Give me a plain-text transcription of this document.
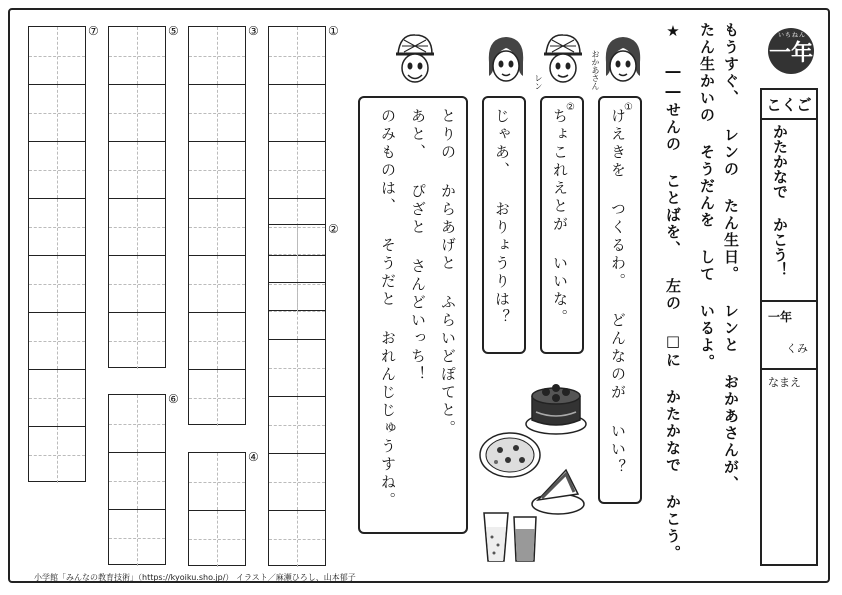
一年
いちねん
こくご
かたかなで かこう！
一年
くみ
なまえ
もうすぐ、 レンの たん生日。 レンと おかあさんが、
たん生かいの そうだんを して いるよ。
★ ――せんの ことばを、 左の □に かたかなで かこう。
おかあさん
レン
けえきを つくるわ。 どんなのが いい？
①
ちょこれえとが いいな。
②
じゃあ、 おりょうりは？
とりの からあげと ふらいどぽてと。
あと、 ぴざと さんどいっち！
のみものは、 そうだと おれんじじゅうすね。
①
②
③
④
⑤
⑥
⑦
小学館「みんなの教育技術」（https://kyoiku.sho.jp/） イラスト／麻瀬ひろし、山本郁子
